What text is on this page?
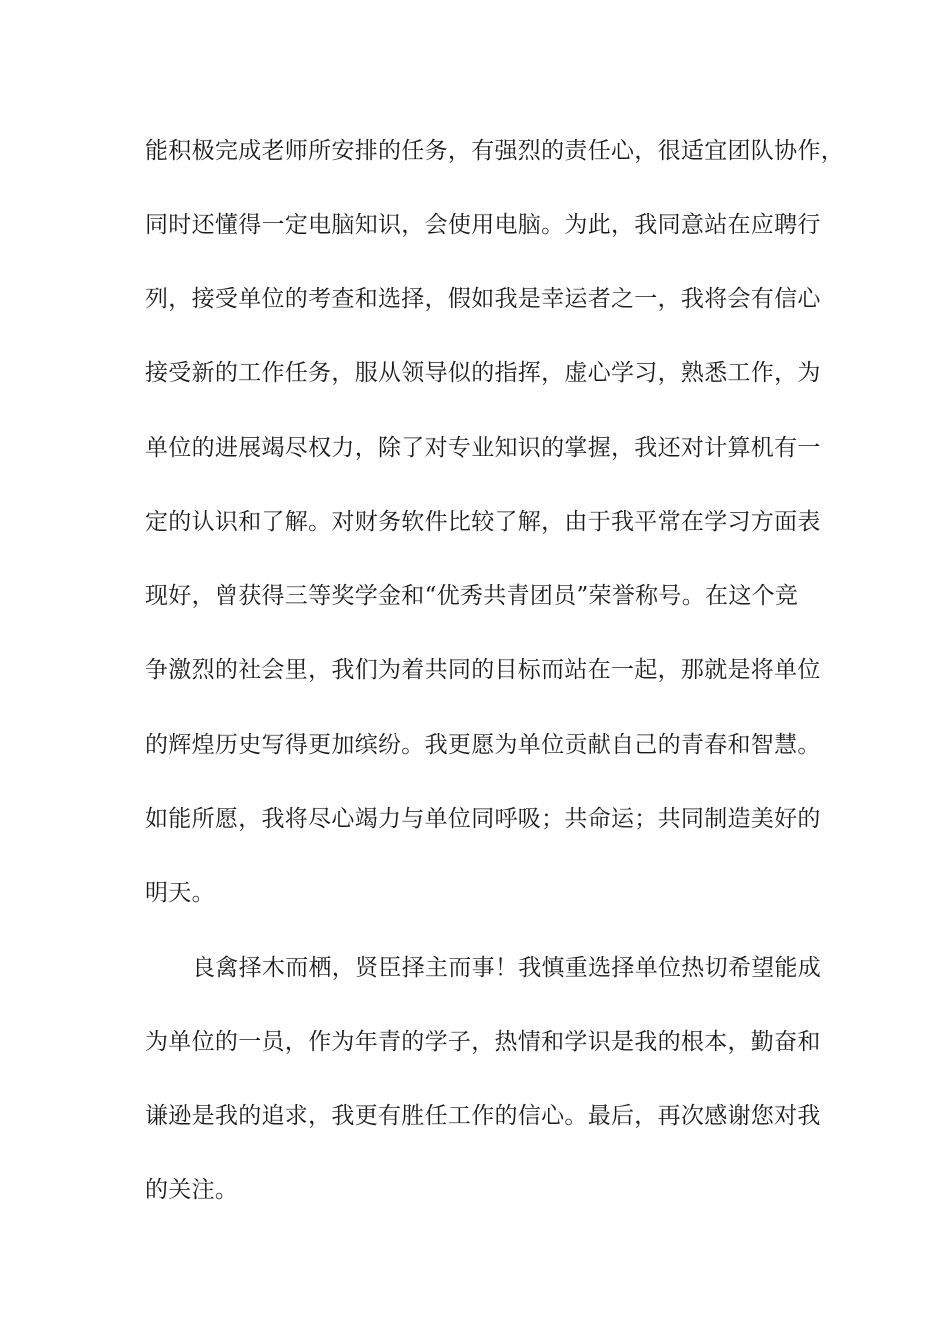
能积极完成老师所安排的任务，有强烈的责任心，很适宜团队协作，
同时还懂得一定电脑知识，会使用电脑。为此，我同意站在应聘行
列，接受单位的考查和选择，假如我是幸运者之一，我将会有信心
接受新的工作任务，服从领导似的指挥，虚心学习，熟悉工作，为
单位的进展竭尽权力，除了对专业知识的掌握，我还对计算机有一
定的认识和了解。对财务软件比较了解，由于我平常在学习方面表
现好，曾获得三等奖学金和“优秀共青团员”荣誉称号。在这个竞
争激烈的社会里，我们为着共同的目标而站在一起，那就是将单位
的辉煌历史写得更加缤纷。我更愿为单位贡献自己的青春和智慧。
如能所愿，我将尽心竭力与单位同呼吸；共命运；共同制造美好的
明天。
良禽择木而栖，贤臣择主而事！我慎重选择单位热切希望能成
为单位的一员，作为年青的学子，热情和学识是我的根本，勤奋和
谦逊是我的追求，我更有胜任工作的信心。最后，再次感谢您对我
的关注。
